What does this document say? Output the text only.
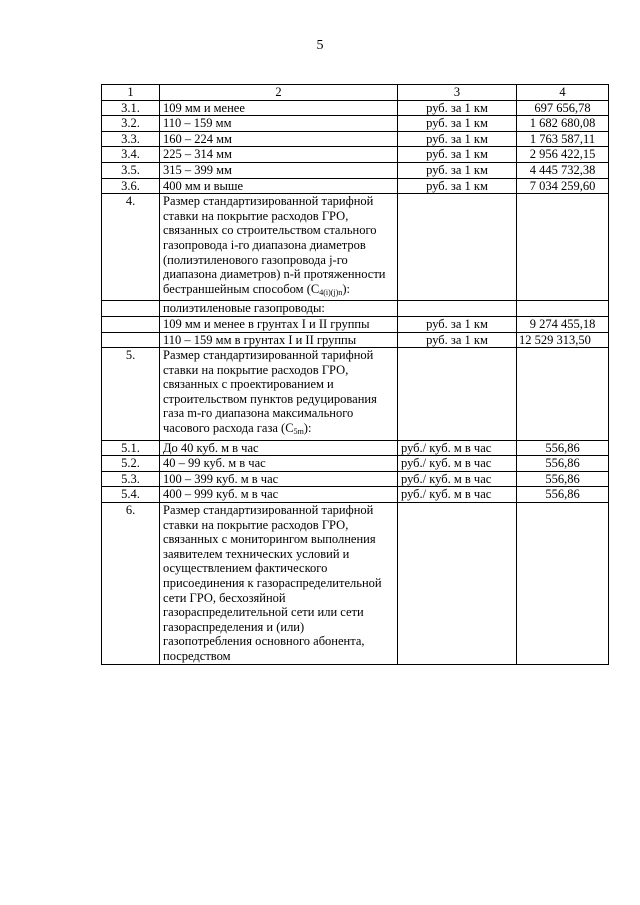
5
1	2	3	4
3.1.	109 мм и менее	руб. за 1 км	697 656,78
3.2.	110 – 159 мм	руб. за 1 км	1 682 680,08
3.3.	160 – 224 мм	руб. за 1 км	1 763 587,11
3.4.	225 – 314 мм	руб. за 1 км	2 956 422,15
3.5.	315 – 399 мм	руб. за 1 км	4 445 732,38
3.6.	400 мм и выше	руб. за 1 км	7 034 259,60
4.	Размер стандартизированной тарифной ставки на покрытие расходов ГРО, связанных со строительством стального газопровода i-го диапазона диаметров (полиэтиленового газопровода j-го диапазона диаметров) n-й протяженности бестраншейным способом $(C_{4(i)(j)n})$:		
	полиэтиленовые газопроводы:		
	109 мм и менее в грунтах I и II группы	руб. за 1 км	9 274 455,18
	110 – 159 мм в грунтах I и II группы	руб. за 1 км	12 529 313,50
5.	Размер стандартизированной тарифной ставки на покрытие расходов ГРО, связанных с проектированием и строительством пунктов редуцирования газа m-го диапазона максимального часового расхода газа $(C_{5m})$:		
5.1.	До 40 куб. м в час	руб./ куб. м в час	556,86
5.2.	40 – 99 куб. м в час	руб./ куб. м в час	556,86
5.3.	100 – 399 куб. м в час	руб./ куб. м в час	556,86
5.4.	400 – 999 куб. м в час	руб./ куб. м в час	556,86
6.	Размер стандартизированной тарифной ставки на покрытие расходов ГРО, связанных с мониторингом выполнения заявителем технических условий и осуществлением фактического присоединения к газораспределительной сети ГРО, бесхозяйной газораспределительной сети или сети газораспределения и (или) газопотребления основного абонента, посредством		
